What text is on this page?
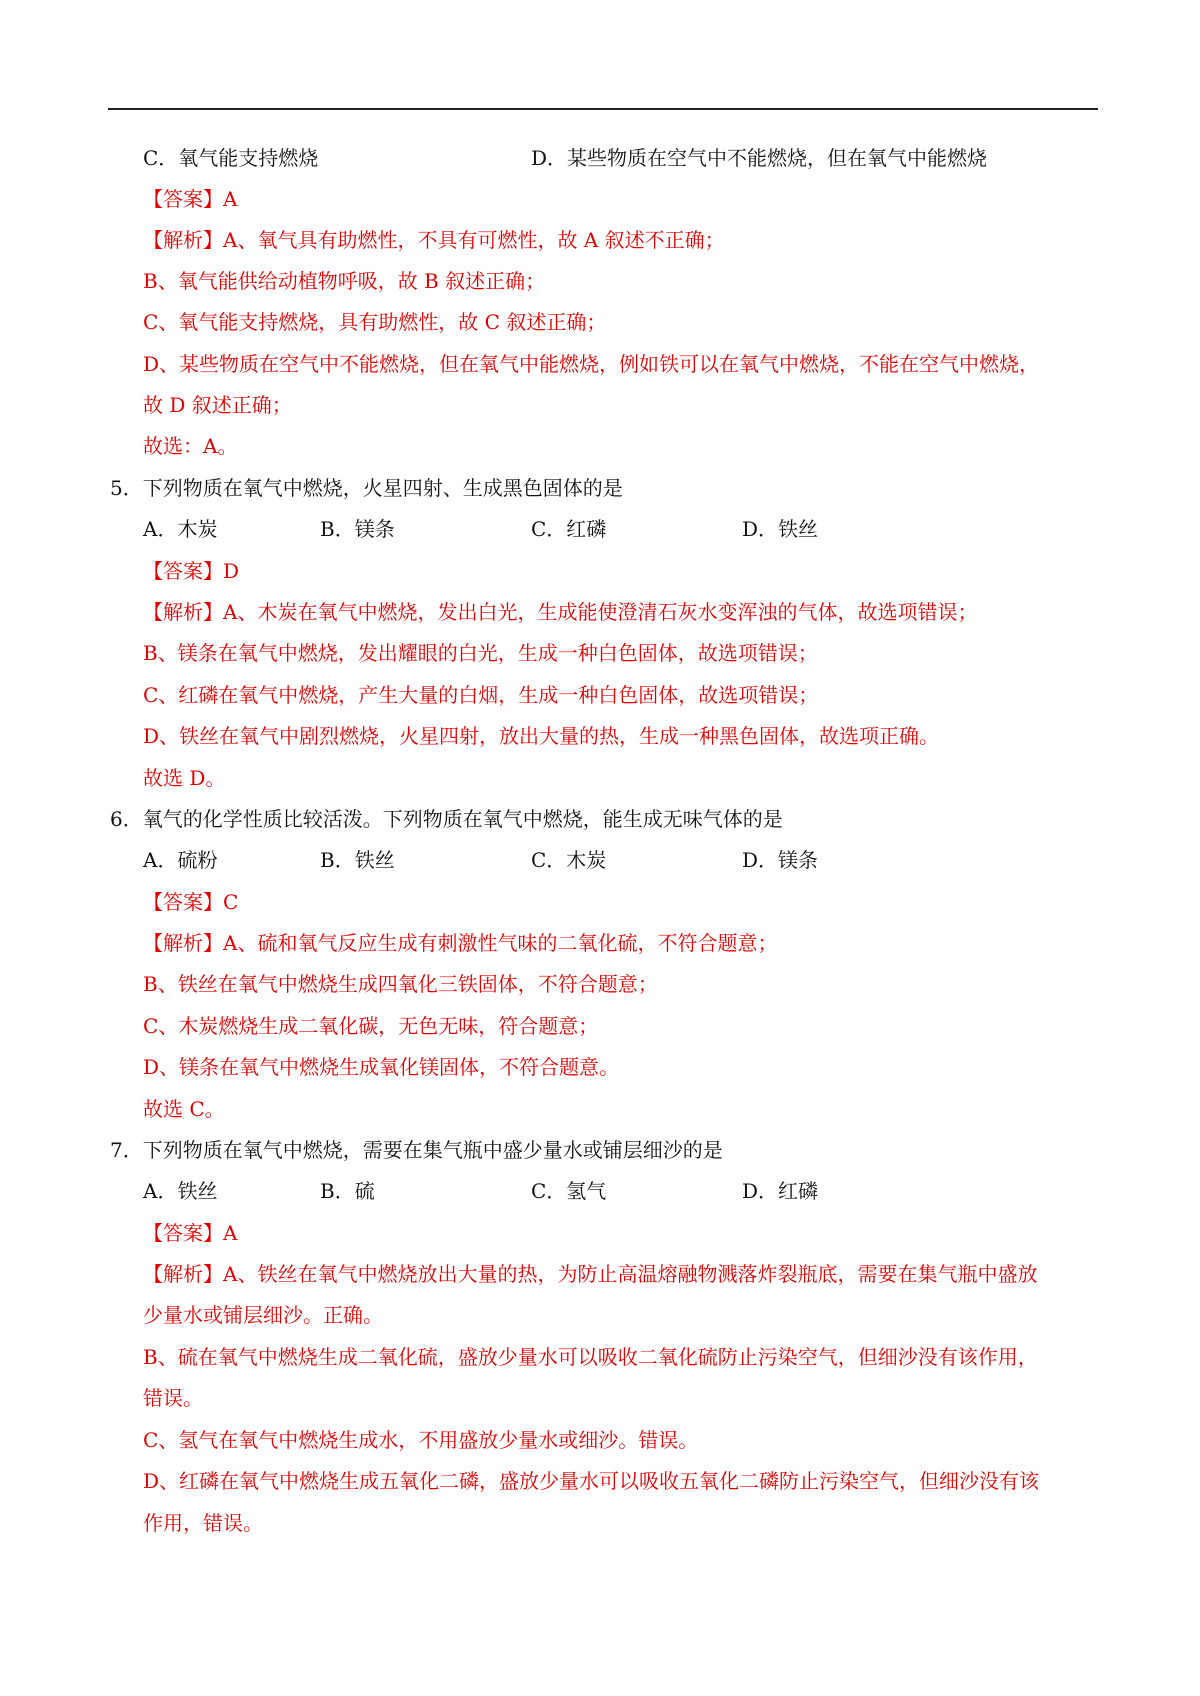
C．氧气能支持燃烧	D．某些物质在空气中不能燃烧，但在氧气中能燃烧
【答案】A
【解析】A、氧气具有助燃性，不具有可燃性，故 A 叙述不正确；
B、氧气能供给动植物呼吸，故 B 叙述正确；
C、氧气能支持燃烧，具有助燃性，故 C 叙述正确；
D、某些物质在空气中不能燃烧，但在氧气中能燃烧，例如铁可以在氧气中燃烧，不能在空气中燃烧，
故 D 叙述正确；
故选：A。
5．下列物质在氧气中燃烧，火星四射、生成黑色固体的是
A．木炭	B．镁条	C．红磷	D．铁丝
【答案】D
【解析】A、木炭在氧气中燃烧，发出白光，生成能使澄清石灰水变浑浊的气体，故选项错误；
B、镁条在氧气中燃烧，发出耀眼的白光，生成一种白色固体，故选项错误；
C、红磷在氧气中燃烧，产生大量的白烟，生成一种白色固体，故选项错误；
D、铁丝在氧气中剧烈燃烧，火星四射，放出大量的热，生成一种黑色固体，故选项正确。
故选 D。
6．氧气的化学性质比较活泼。下列物质在氧气中燃烧，能生成无味气体的是
A．硫粉	B．铁丝	C．木炭	D．镁条
【答案】C
【解析】A、硫和氧气反应生成有刺激性气味的二氧化硫，不符合题意；
B、铁丝在氧气中燃烧生成四氧化三铁固体，不符合题意；
C、木炭燃烧生成二氧化碳，无色无味，符合题意；
D、镁条在氧气中燃烧生成氧化镁固体，不符合题意。
故选 C。
7．下列物质在氧气中燃烧，需要在集气瓶中盛少量水或铺层细沙的是
A．铁丝	B．硫	C．氢气	D．红磷
【答案】A
【解析】A、铁丝在氧气中燃烧放出大量的热，为防止高温熔融物溅落炸裂瓶底，需要在集气瓶中盛放
少量水或铺层细沙。正确。
B、硫在氧气中燃烧生成二氧化硫，盛放少量水可以吸收二氧化硫防止污染空气，但细沙没有该作用，
错误。
C、氢气在氧气中燃烧生成水，不用盛放少量水或细沙。错误。
D、红磷在氧气中燃烧生成五氧化二磷，盛放少量水可以吸收五氧化二磷防止污染空气，但细沙没有该
作用，错误。
